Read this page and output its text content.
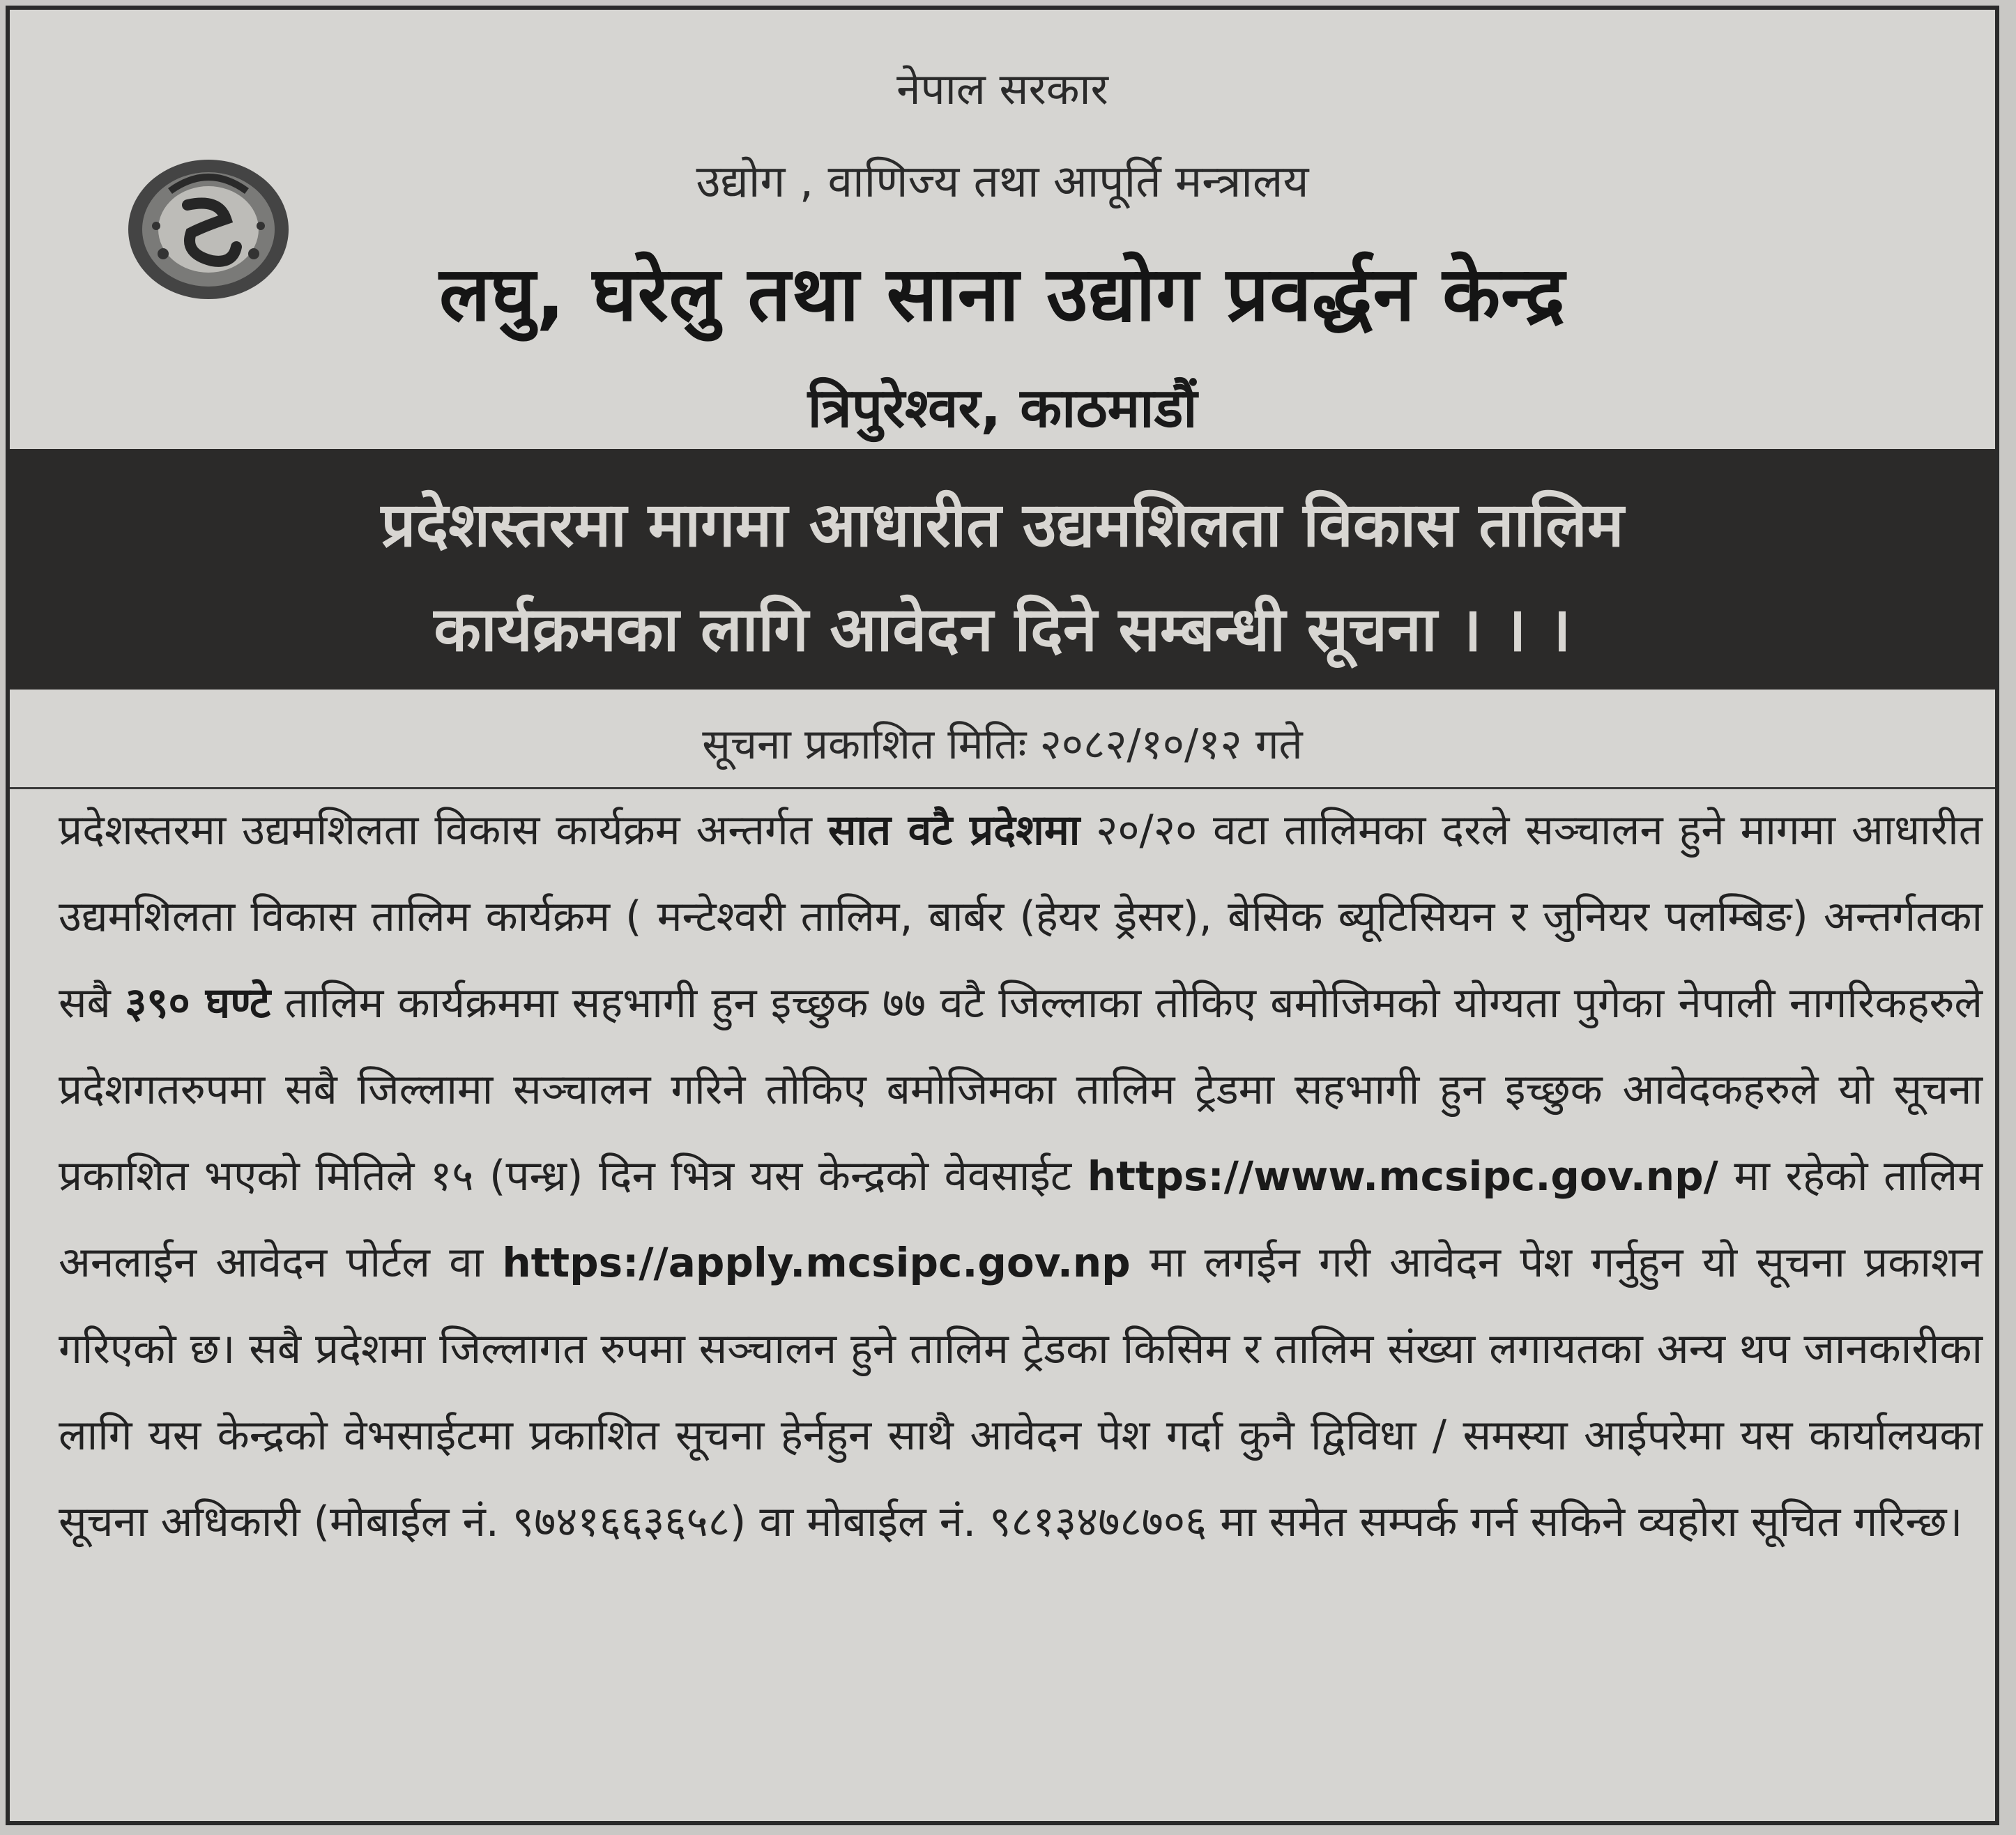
नेपाल सरकार
उद्योग , वाणिज्य तथा आपूर्ति मन्त्रालय
लघु, घरेलु तथा साना उद्योग प्रवर्द्धन केन्द्र
त्रिपुरेश्वर, काठमाडौं
प्रदेशस्तरमा मागमा आधारीत उद्यमशिलता विकास तालिम
कार्यक्रमका लागि आवेदन दिने सम्बन्धी सूचना । । ।
सूचना प्रकाशित मितिः २०८२/१०/१२ गते

प्रदेशस्तरमा उद्यमशिलता विकास कार्यक्रम अन्तर्गत सात वटै प्रदेशमा २०/२० वटा तालिमका दरले सञ्चालन हुने मागमा आधारीत उद्यमशिलता विकास तालिम कार्यक्रम ( मन्टेश्वरी तालिम, बार्बर (हेयर ड्रेसर), बेसिक ब्यूटिसियन र जुनियर पलम्बिङ) अन्तर्गतका सबै ३९० घण्टे तालिम कार्यक्रममा सहभागी हुन इच्छुक ७७ वटै जिल्लाका तोकिए बमोजिमको योग्यता पुगेका नेपाली नागरिकहरुले प्रदेशगतरुपमा सबै जिल्लामा सञ्चालन गरिने तोकिए बमोजिमका तालिम ट्रेडमा सहभागी हुन इच्छुक आवेदकहरुले यो सूचना प्रकाशित भएको मितिले १५ (पन्ध्र) दिन भित्र यस केन्द्रको वेवसाईट https://www.mcsipc.gov.np/ मा रहेको तालिम अनलाईन आवेदन पोर्टल वा https://apply.mcsipc.gov.np मा लगईन गरी आवेदन पेश गर्नुहुन यो सूचना प्रकाशन गरिएको छ। सबै प्रदेशमा जिल्लागत रुपमा सञ्चालन हुने तालिम ट्रेडका किसिम र तालिम संख्या लगायतका अन्य थप जानकारीका लागि यस केन्द्रको वेभसाईटमा प्रकाशित सूचना हेर्नहुन साथै आवेदन पेश गर्दा कुनै द्विविधा / समस्या आईपरेमा यस कार्यालयका सूचना अधिकारी (मोबाईल नं. ९७४१६६३६५८) वा मोबाईल नं. ९८१३४७८७०६ मा समेत सम्पर्क गर्न सकिने व्यहोरा सूचित गरिन्छ।
